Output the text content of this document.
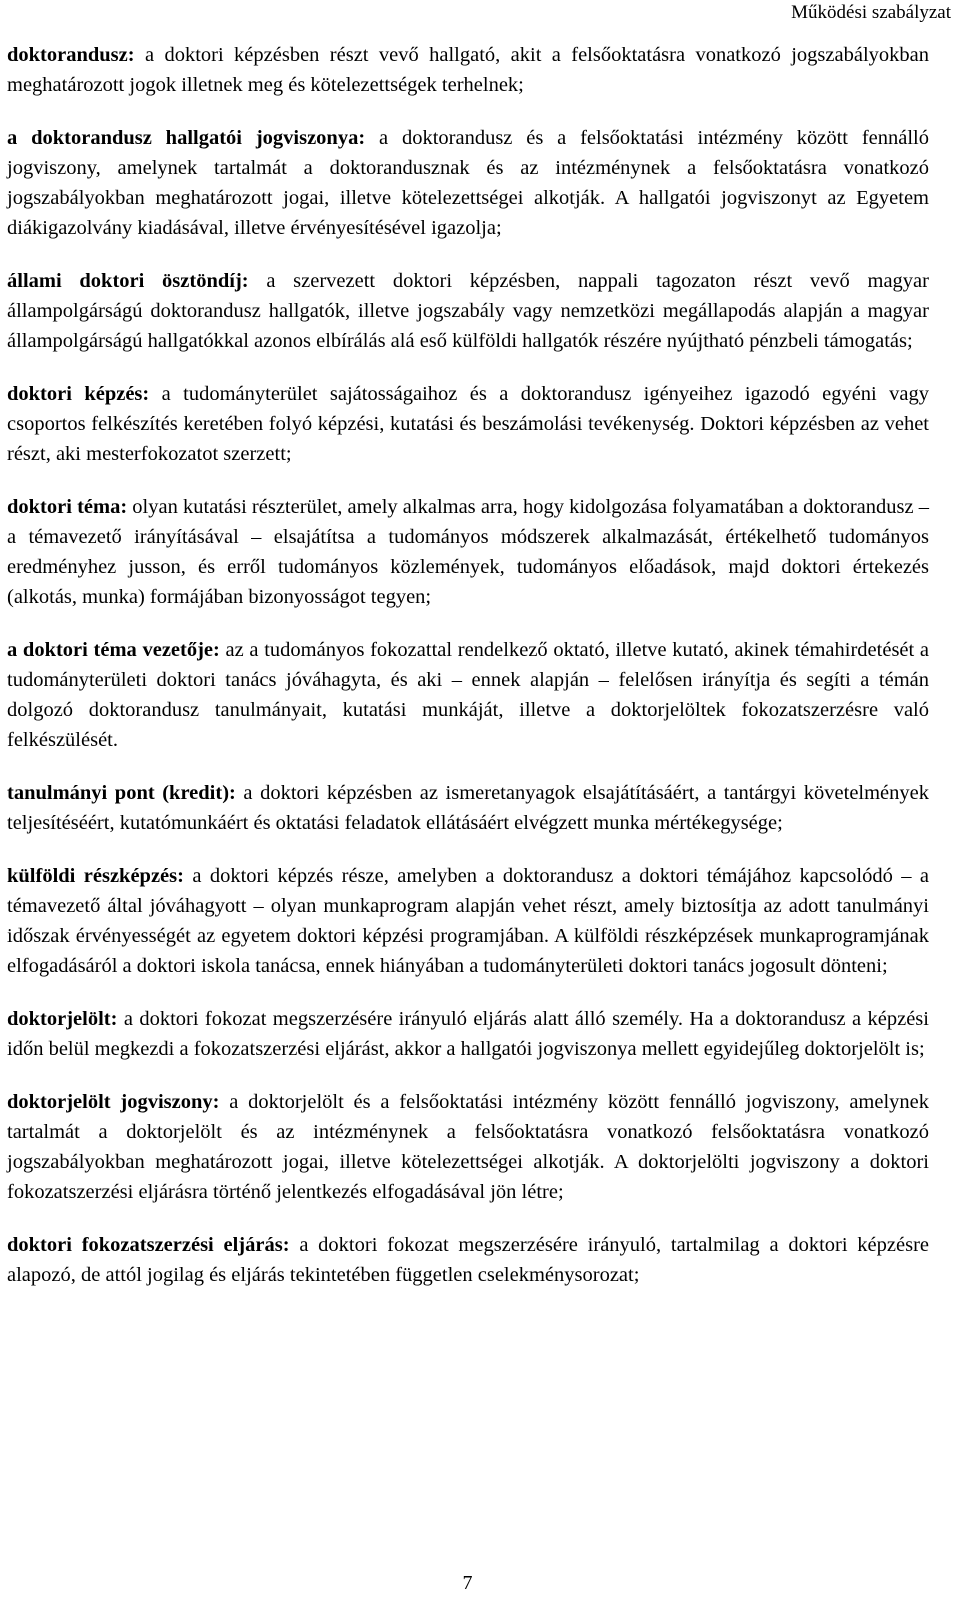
Működési szabályzat

doktorandusz: a doktori képzésben részt vevő hallgató, akit a felsőoktatásra vonatkozó jogszabályokban meghatározott jogok illetnek meg és kötelezettségek terhelnek;

a doktorandusz hallgatói jogviszonya: a doktorandusz és a felsőoktatási intézmény között fennálló jogviszony, amelynek tartalmát a doktorandusznak és az intézménynek a felsőoktatásra vonatkozó jogszabályokban meghatározott jogai, illetve kötelezettségei alkotják. A hallgatói jogviszonyt az Egyetem diákigazolvány kiadásával, illetve érvényesítésével igazolja;

állami doktori ösztöndíj: a szervezett doktori képzésben, nappali tagozaton részt vevő magyar állampolgárságú doktorandusz hallgatók, illetve jogszabály vagy nemzetközi megállapodás alapján a magyar állampolgárságú hallgatókkal azonos elbírálás alá eső külföldi hallgatók részére nyújtható pénzbeli támogatás;

doktori képzés: a tudományterület sajátosságaihoz és a doktorandusz igényeihez igazodó egyéni vagy csoportos felkészítés keretében folyó képzési, kutatási és beszámolási tevékenység. Doktori képzésben az vehet részt, aki mesterfokozatot szerzett;

doktori téma: olyan kutatási részterület, amely alkalmas arra, hogy kidolgozása folyamatában a doktorandusz – a témavezető irányításával – elsajátítsa a tudományos módszerek alkalmazását, értékelhető tudományos eredményhez jusson, és erről tudományos közlemények, tudományos előadások, majd doktori értekezés (alkotás, munka) formájában bizonyosságot tegyen;

a doktori téma vezetője: az a tudományos fokozattal rendelkező oktató, illetve kutató, akinek témahirdetését a tudományterületi doktori tanács jóváhagyta, és aki – ennek alapján – felelősen irányítja és segíti a témán dolgozó doktorandusz tanulmányait, kutatási munkáját, illetve a doktorjelöltek fokozatszerzésre való felkészülését.

tanulmányi pont (kredit): a doktori képzésben az ismeretanyagok elsajátításáért, a tantárgyi követelmények teljesítéséért, kutatómunkáért és oktatási feladatok ellátásáért elvégzett munka mértékegysége;

külföldi részképzés: a doktori képzés része, amelyben a doktorandusz a doktori témájához kapcsolódó – a témavezető által jóváhagyott – olyan munkaprogram alapján vehet részt, amely biztosítja az adott tanulmányi időszak érvényességét az egyetem doktori képzési programjában. A külföldi részképzések munkaprogramjának elfogadásáról a doktori iskola tanácsa, ennek hiányában a tudományterületi doktori tanács jogosult dönteni;

doktorjelölt: a doktori fokozat megszerzésére irányuló eljárás alatt álló személy. Ha a doktorandusz a képzési időn belül megkezdi a fokozatszerzési eljárást, akkor a hallgatói jogviszonya mellett egyidejűleg doktorjelölt is;

doktorjelölt jogviszony: a doktorjelölt és a felsőoktatási intézmény között fennálló jogviszony, amelynek tartalmát a doktorjelölt és az intézménynek a felsőoktatásra vonatkozó felsőoktatásra vonatkozó jogszabályokban meghatározott jogai, illetve kötelezettségei alkotják. A doktorjelölti jogviszony a doktori fokozatszerzési eljárásra történő jelentkezés elfogadásával jön létre;

doktori fokozatszerzési eljárás: a doktori fokozat megszerzésére irányuló, tartalmilag a doktori képzésre alapozó, de attól jogilag és eljárás tekintetében független cselekménysorozat;

7
